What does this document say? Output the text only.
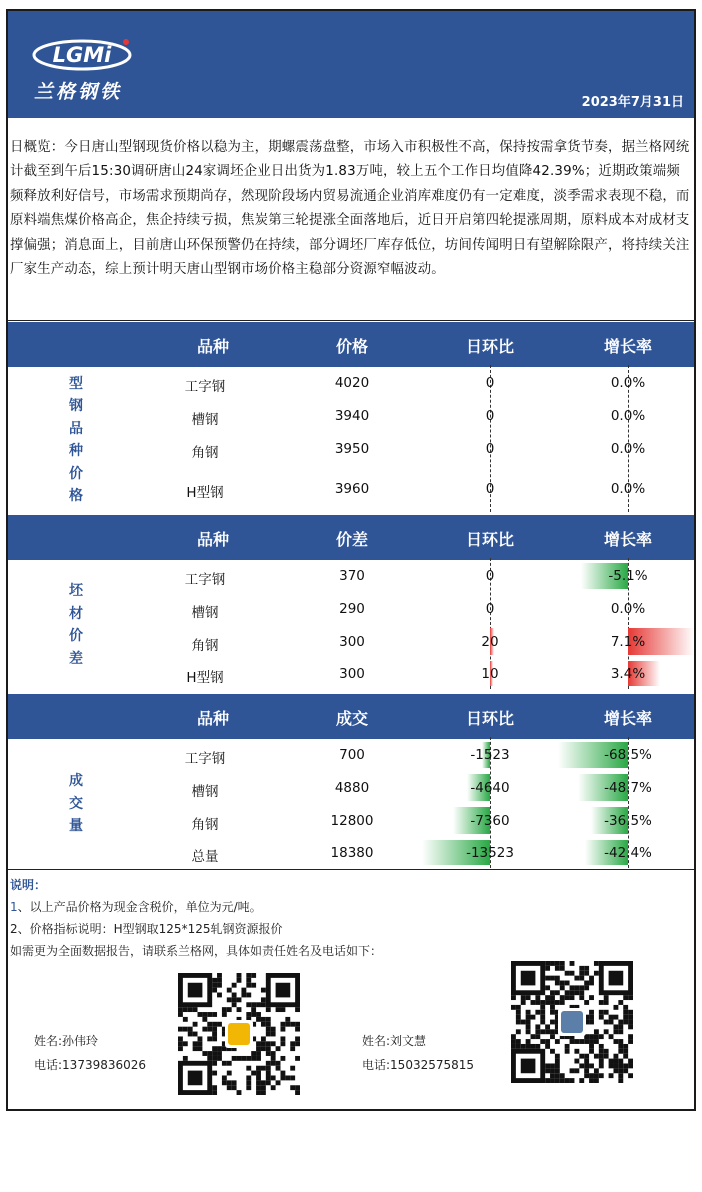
LGMi
兰格钢铁	2023年7月31日

日概览：今日唐山型钢现货价格以稳为主，期螺震荡盘整，市场入市积极性不高，保持按需拿货节奏，据兰格网统计截至到午后15:30调研唐山24家调坯企业日出货为1.83万吨，较上五个工作日均值降42.39%；近期政策端频频释放利好信号，市场需求预期尚存，然现阶段场内贸易流通企业消库难度仍有一定难度，淡季需求表现不稳，而原料端焦煤价格高企，焦企持续亏损，焦炭第三轮提涨全面落地后，近日开启第四轮提涨周期，原料成本对成材支撑偏强；消息面上，目前唐山环保预警仍在持续，部分调坯厂库存低位，坊间传闻明日有望解除限产，将持续关注厂家生产动态，综上预计明天唐山型钢市场价格主稳部分资源窄幅波动。

品种	价格	日环比	增长率
型
钢
品
种
价
格
工字钢	4020	0	0.0%
槽钢	3940	0	0.0%
角钢	3950	0	0.0%
H型钢	3960	0	0.0%
品种	价差	日环比	增长率
坯
材
价
差
工字钢	370	0	-5.1%
槽钢	290	0	0.0%
角钢	300	20	7.1%
H型钢	300	10	3.4%
品种	成交	日环比	增长率
成
交
量
工字钢	700	-1523	-68.5%
槽钢	4880	-4640	-48.7%
角钢	12800	-7360	-36.5%
总量	18380	-13523	-42.4%
说明：
1、以上产品价格为现金含税价，单位为元/吨。
2、价格指标说明：H型钢取125*125轧钢资源报价
如需更为全面数据报告，请联系兰格网，具体如责任姓名及电话如下：
姓名:孙伟玲
电话:13739836026
姓名:刘文慧
电话:15032575815
